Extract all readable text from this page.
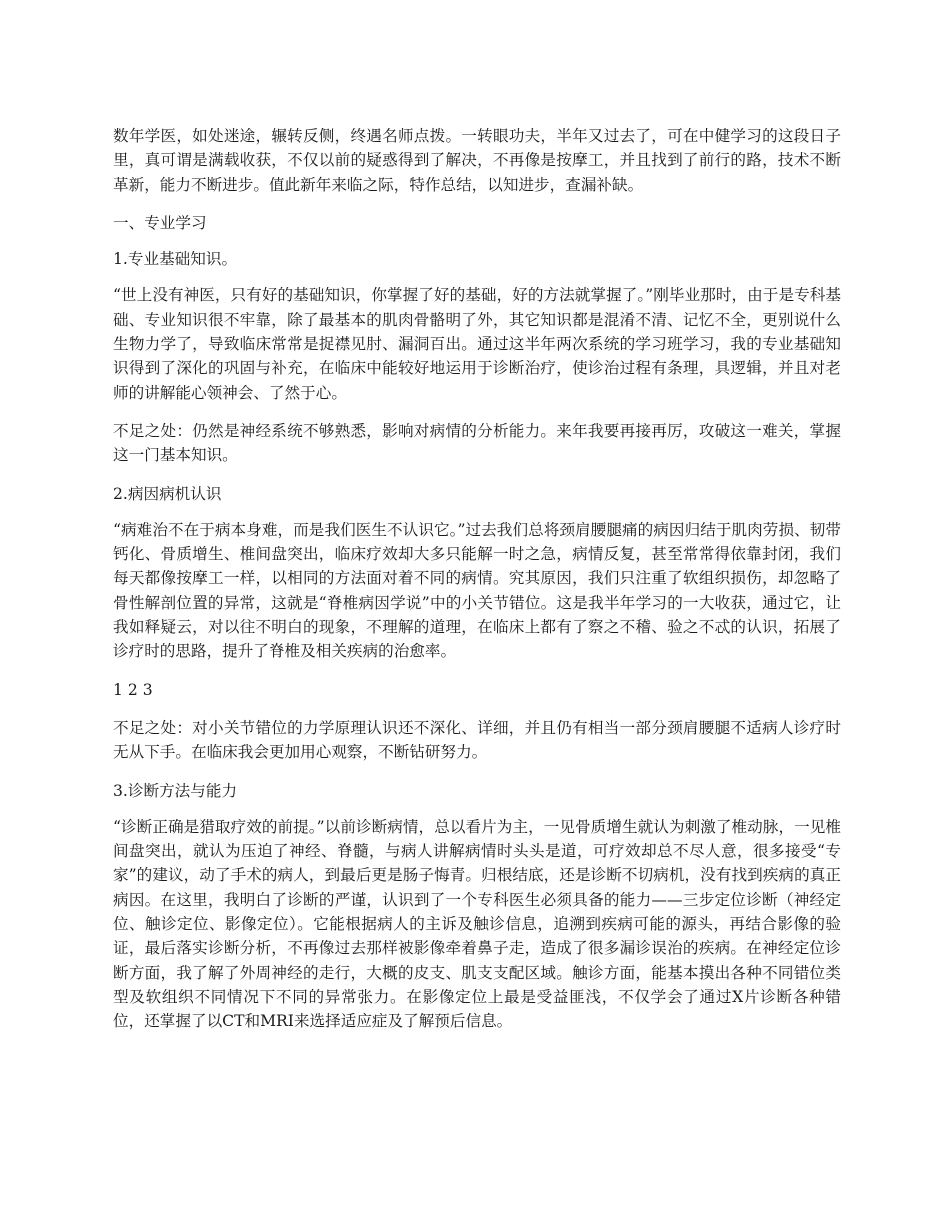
数年学医，如处迷途，辗转反侧，终遇名师点拨。一转眼功夫，半年又过去了，可在中健学习的这段日子里，真可谓是满载收获，不仅以前的疑惑得到了解决，不再像是按摩工，并且找到了前行的路，技术不断革新，能力不断进步。值此新年来临之际，特作总结，以知进步，查漏补缺。

一、专业学习

1.专业基础知识。

“世上没有神医，只有好的基础知识，你掌握了好的基础，好的方法就掌握了。”刚毕业那时，由于是专科基础、专业知识很不牢靠，除了最基本的肌肉骨骼明了外，其它知识都是混淆不清、记忆不全，更别说什么生物力学了，导致临床常常是捉襟见肘、漏洞百出。通过这半年两次系统的学习班学习，我的专业基础知识得到了深化的巩固与补充，在临床中能较好地运用于诊断治疗，使诊治过程有条理，具逻辑，并且对老师的讲解能心领神会、了然于心。

不足之处：仍然是神经系统不够熟悉，影响对病情的分析能力。来年我要再接再厉，攻破这一难关，掌握这一门基本知识。

2.病因病机认识

“病难治不在于病本身难，而是我们医生不认识它。”过去我们总将颈肩腰腿痛的病因归结于肌肉劳损、韧带钙化、骨质增生、椎间盘突出，临床疗效却大多只能解一时之急，病情反复，甚至常常得依靠封闭，我们每天都像按摩工一样，以相同的方法面对着不同的病情。究其原因，我们只注重了软组织损伤，却忽略了骨性解剖位置的异常，这就是“脊椎病因学说”中的小关节错位。这是我半年学习的一大收获，通过它，让我如释疑云，对以往不明白的现象，不理解的道理，在临床上都有了察之不稽、验之不忒的认识，拓展了诊疗时的思路，提升了脊椎及相关疾病的治愈率。

1 2 3

不足之处：对小关节错位的力学原理认识还不深化、详细，并且仍有相当一部分颈肩腰腿不适病人诊疗时无从下手。在临床我会更加用心观察，不断钻研努力。

3.诊断方法与能力

“诊断正确是猎取疗效的前提。”以前诊断病情，总以看片为主，一见骨质增生就认为刺激了椎动脉，一见椎间盘突出，就认为压迫了神经、脊髓，与病人讲解病情时头头是道，可疗效却总不尽人意，很多接受“专家”的建议，动了手术的病人，到最后更是肠子悔青。归根结底，还是诊断不切病机，没有找到疾病的真正病因。在这里，我明白了诊断的严谨，认识到了一个专科医生必须具备的能力——三步定位诊断（神经定位、触诊定位、影像定位）。它能根据病人的主诉及触诊信息，追溯到疾病可能的源头，再结合影像的验证，最后落实诊断分析，不再像过去那样被影像牵着鼻子走，造成了很多漏诊误治的疾病。在神经定位诊断方面，我了解了外周神经的走行，大概的皮支、肌支支配区域。触诊方面，能基本摸出各种不同错位类型及软组织不同情况下不同的异常张力。在影像定位上最是受益匪浅，不仅学会了通过X片诊断各种错位，还掌握了以CT和MRI来选择适应症及了解预后信息。
